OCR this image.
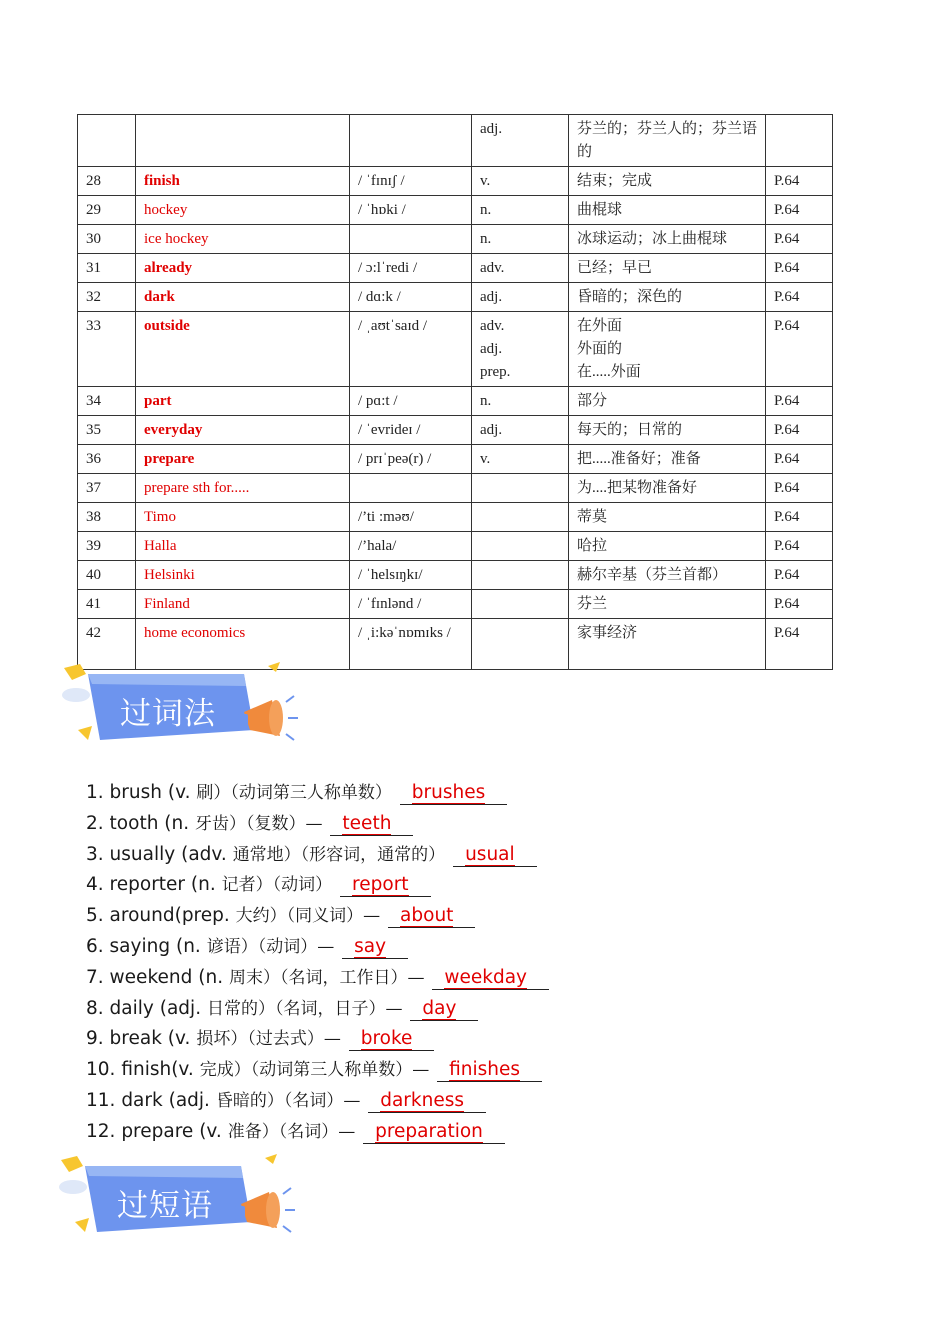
			adj.	芬兰的；芬兰人的；芬兰语的	

28	finish	/ ˈfɪnɪʃ /	v.	结束；完成	P.64
29	hockey	/ ˈhɒki /	n.	曲棍球	P.64
30	ice hockey		n.	冰球运动；冰上曲棍球	P.64
31	already	/ ɔ:lˈredi /	adv.	已经；早已	P.64
32	dark	/ dɑ:k /	adj.	昏暗的；深色的	P.64
33	outside	/ ˌaʊtˈsaɪd /	adv.
adj.
prep.	在外面
外面的
在.....外面	P.64
34	part	/ pɑ:t /	n.	部分	P.64
35	everyday	/ ˈevrideɪ /	adj.	每天的；日常的	P.64
36	prepare	/ prɪˈpeə(r) /	v.	把.....准备好；准备	P.64
37	prepare sth for.....			为....把某物准备好	P.64
38	Timo	/’ti :məʊ/		蒂莫	P.64
39	Halla	/’hala/		哈拉	P.64
40	Helsinki	/ ˈhelsɪŋkɪ/		赫尔辛基（芬兰首都）	P.64
41	Finland	/ ˈfɪnlənd /		芬兰	P.64
42	home economics	/ ˌi:kəˈnɒmɪks /		家事经济	P.64
过词法
1. brush (v. 刷）（动词第三人称单数） brushes
2. tooth (n. 牙齿）（复数）— teeth
3. usually (adv. 通常地）（形容词，通常的） usual
4. reporter (n. 记者）（动词） report
5. around(prep. 大约）（同义词）— about
6. saying (n. 谚语）（动词）— say
7. weekend (n. 周末）（名词，工作日）— weekday
8. daily (adj. 日常的）（名词，日子）— day
9. break (v. 损坏）（过去式）— broke
10. finish(v. 完成）（动词第三人称单数）— finishes
11. dark (adj. 昏暗的）（名词）— darkness
12. prepare (v. 准备）（名词）— preparation
过短语
